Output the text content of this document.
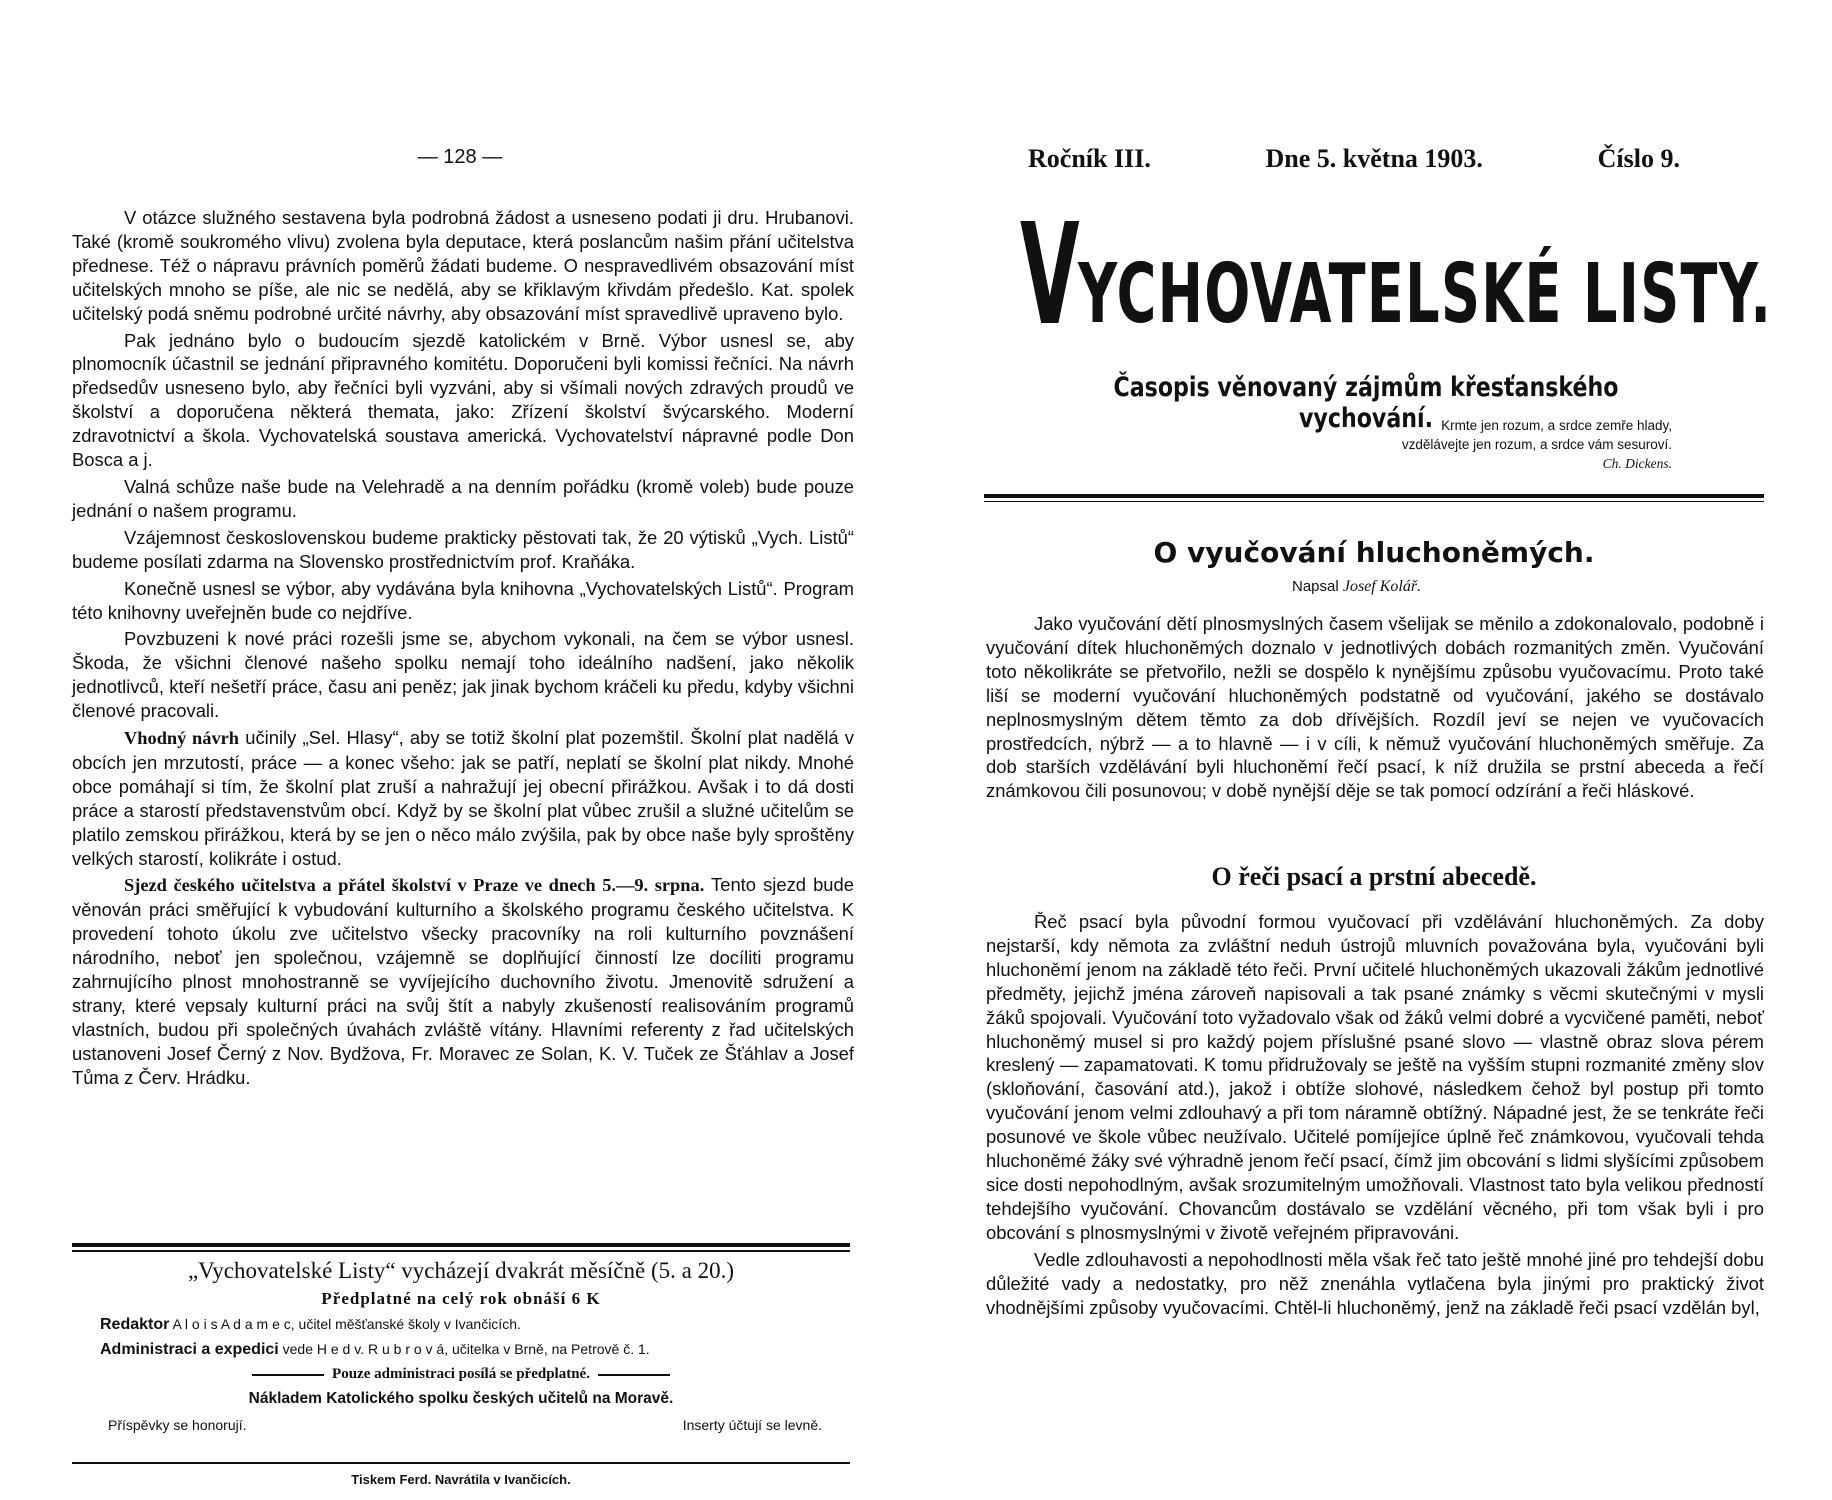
— 128 —

V otázce služného sestavena byla podrobná žádost a usneseno podati ji dru. Hrubanovi. Také (kromě soukromého vlivu) zvolena byla deputace, která poslancům našim přání učitelstva přednese. Též o nápravu právních poměrů žádati budeme. O nespravedlivém obsazování míst učitelských mnoho se píše, ale nic se nedělá, aby se křiklavým křivdám předešlo. Kat. spolek učitelský podá sněmu podrobné určité návrhy, aby obsazování míst spravedlivě upraveno bylo.

Pak jednáno bylo o budoucím sjezdě katolickém v Brně. Výbor usnesl se, aby plnomocník účastnil se jednání připravného komitétu. Doporučeni byli komissi řečníci. Na návrh předsedův usneseno bylo, aby řečníci byli vyzváni, aby si všímali nových zdravých proudů ve školství a doporučena některá themata, jako: Zřízení školství švýcarského. Moderní zdravotnictví a škola. Vychovatelská soustava americká. Vychovatelství nápravné podle Don Bosca a j.

Valná schůze naše bude na Velehradě a na denním pořádku (kromě voleb) bude pouze jednání o našem programu.

Vzájemnost československou budeme prakticky pěstovati tak, že 20 výtisků „Vych. Listů“ budeme posílati zdarma na Slovensko prostřednictvím prof. Kraňáka.

Konečně usnesl se výbor, aby vydávána byla knihovna „Vychovatelských Listů“. Program této knihovny uveřejněn bude co nejdříve.

Povzbuzeni k nové práci rozešli jsme se, abychom vykonali, na čem se výbor usnesl. Škoda, že všichni členové našeho spolku nemají toho ideálního nadšení, jako několik jednotlivců, kteří nešetří práce, času ani peněz; jak jinak bychom kráčeli ku předu, kdyby všichni členové pracovali.

Vhodný návrh učinily „Sel. Hlasy“, aby se totiž školní plat pozemštil. Školní plat nadělá v obcích jen mrzutostí, práce — a konec všeho: jak se patří, neplatí se školní plat nikdy. Mnohé obce pomáhají si tím, že školní plat zruší a nahražují jej obecní přirážkou. Avšak i to dá dosti práce a starostí představenstvům obcí. Když by se školní plat vůbec zrušil a služné učitelům se platilo zemskou přirážkou, která by se jen o něco málo zvýšila, pak by obce naše byly sproštěny velkých starostí, kolikráte i ostud.

Sjezd českého učitelstva a přátel školství v Praze ve dnech 5.—9. srpna. Tento sjezd bude věnován práci směřující k vybudování kulturního a školského programu českého učitelstva. K provedení tohoto úkolu zve učitelstvo všecky pracovníky na roli kulturního povznášení národního, neboť jen společnou, vzájemně se doplňující činností lze docíliti programu zahrnujícího plnost mnohostranně se vyvíjejícího duchovního životu. Jmenovitě sdružení a strany, které vepsaly kulturní práci na svůj štít a nabyly zkušeností realisováním programů vlastních, budou při společných úvahách zvláště vítány. Hlavními referenty z řad učitelských ustanoveni Josef Černý z Nov. Bydžova, Fr. Moravec ze Solan, K. V. Tuček ze Šťáhlav a Josef Tůma z Červ. Hrádku.

„Vychovatelské Listy“ vycházejí dvakrát měsíčně (5. a 20.)
Předplatné na celý rok obnáší 6 K
Redaktor A l o i s A d a m e c, učitel měšťanské školy v Ivančicích.
Administraci a expedici vede H e d v. R u b r o v á, učitelka v Brně, na Petrově č. 1.
Pouze administraci posílá se předplatné.
Nákladem Katolického spolku českých učitelů na Moravě.
Příspěvky se honorují.	Inserty účtují se levně.
Tiskem Ferd. Navrátila v Ivančicích.
Ročník III.	Dne 5. května 1903.	Číslo 9.
V
YCHOVATELSKÉ LISTY.
Časopis věnovaný zájmům křesťanského vychování. Krmte jen rozum, a srdce zemře hlady,
vzdělávejte jen rozum, a srdce vám sesuroví.
Ch. Dickens.
O vyučování hluchoněmých.
Napsal Josef Kolář.

Jako vyučování dětí plnosmyslných časem všelijak se měnilo a zdokonalovalo, podobně i vyučování dítek hluchoněmých doznalo v jednotlivých dobách rozmanitých změn. Vyučování toto několikráte se přetvořilo, nežli se dospělo k nynějšímu způsobu vyučovacímu. Proto také liší se moderní vyučování hluchoněmých podstatně od vyučování, jakého se dostávalo neplnosmyslným dětem těmto za dob dřívějších. Rozdíl jeví se nejen ve vyučovacích prostředcích, nýbrž — a to hlavně — i v cíli, k němuž vyučování hluchoněmých směřuje. Za dob starších vzdělávání byli hluchoněmí řečí psací, k níž družila se prstní abeceda a řečí známkovou čili posunovou; v době nynější děje se tak pomocí odzírání a řeči hláskové.

O řeči psací a prstní abecedě.

Řeč psací byla původní formou vyučovací při vzdělávání hluchoněmých. Za doby nejstarší, kdy němota za zvláštní neduh ústrojů mluvních považována byla, vyučováni byli hluchoněmí jenom na základě této řeči. První učitelé hluchoněmých ukazovali žákům jednotlivé předměty, jejichž jména zároveň napisovali a tak psané známky s věcmi skutečnými v mysli žáků spojovali. Vyučování toto vyžadovalo však od žáků velmi dobré a vycvičené paměti, neboť hluchoněmý musel si pro každý pojem příslušné psané slovo — vlastně obraz slova pérem kreslený — zapamatovati. K tomu přidružovaly se ještě na vyšším stupni rozmanité změny slov (skloňování, časování atd.), jakož i obtíže slohové, následkem čehož byl postup při tomto vyučování jenom velmi zdlouhavý a při tom náramně obtížný. Nápadné jest, že se tenkráte řeči posunové ve škole vůbec neužívalo. Učitelé pomíjejíce úplně řeč známkovou, vyučovali tehda hluchoněmé žáky své výhradně jenom řečí psací, čímž jim obcování s lidmi slyšícími způsobem sice dosti nepohodlným, avšak srozumitelným umožňovali. Vlastnost tato byla velikou předností tehdejšího vyučování. Chovancům dostávalo se vzdělání věcného, při tom však byli i pro obcování s plnosmyslnými v životě veřejném připravováni.

Vedle zdlouhavosti a nepohodlnosti měla však řeč tato ještě mnohé jiné pro tehdejší dobu důležité vady a nedostatky, pro něž znenáhla vytlačena byla jinými pro praktický život vhodnějšími způsoby vyučovacími. Chtěl-li hluchoněmý, jenž na základě řeči psací vzdělán byl,
